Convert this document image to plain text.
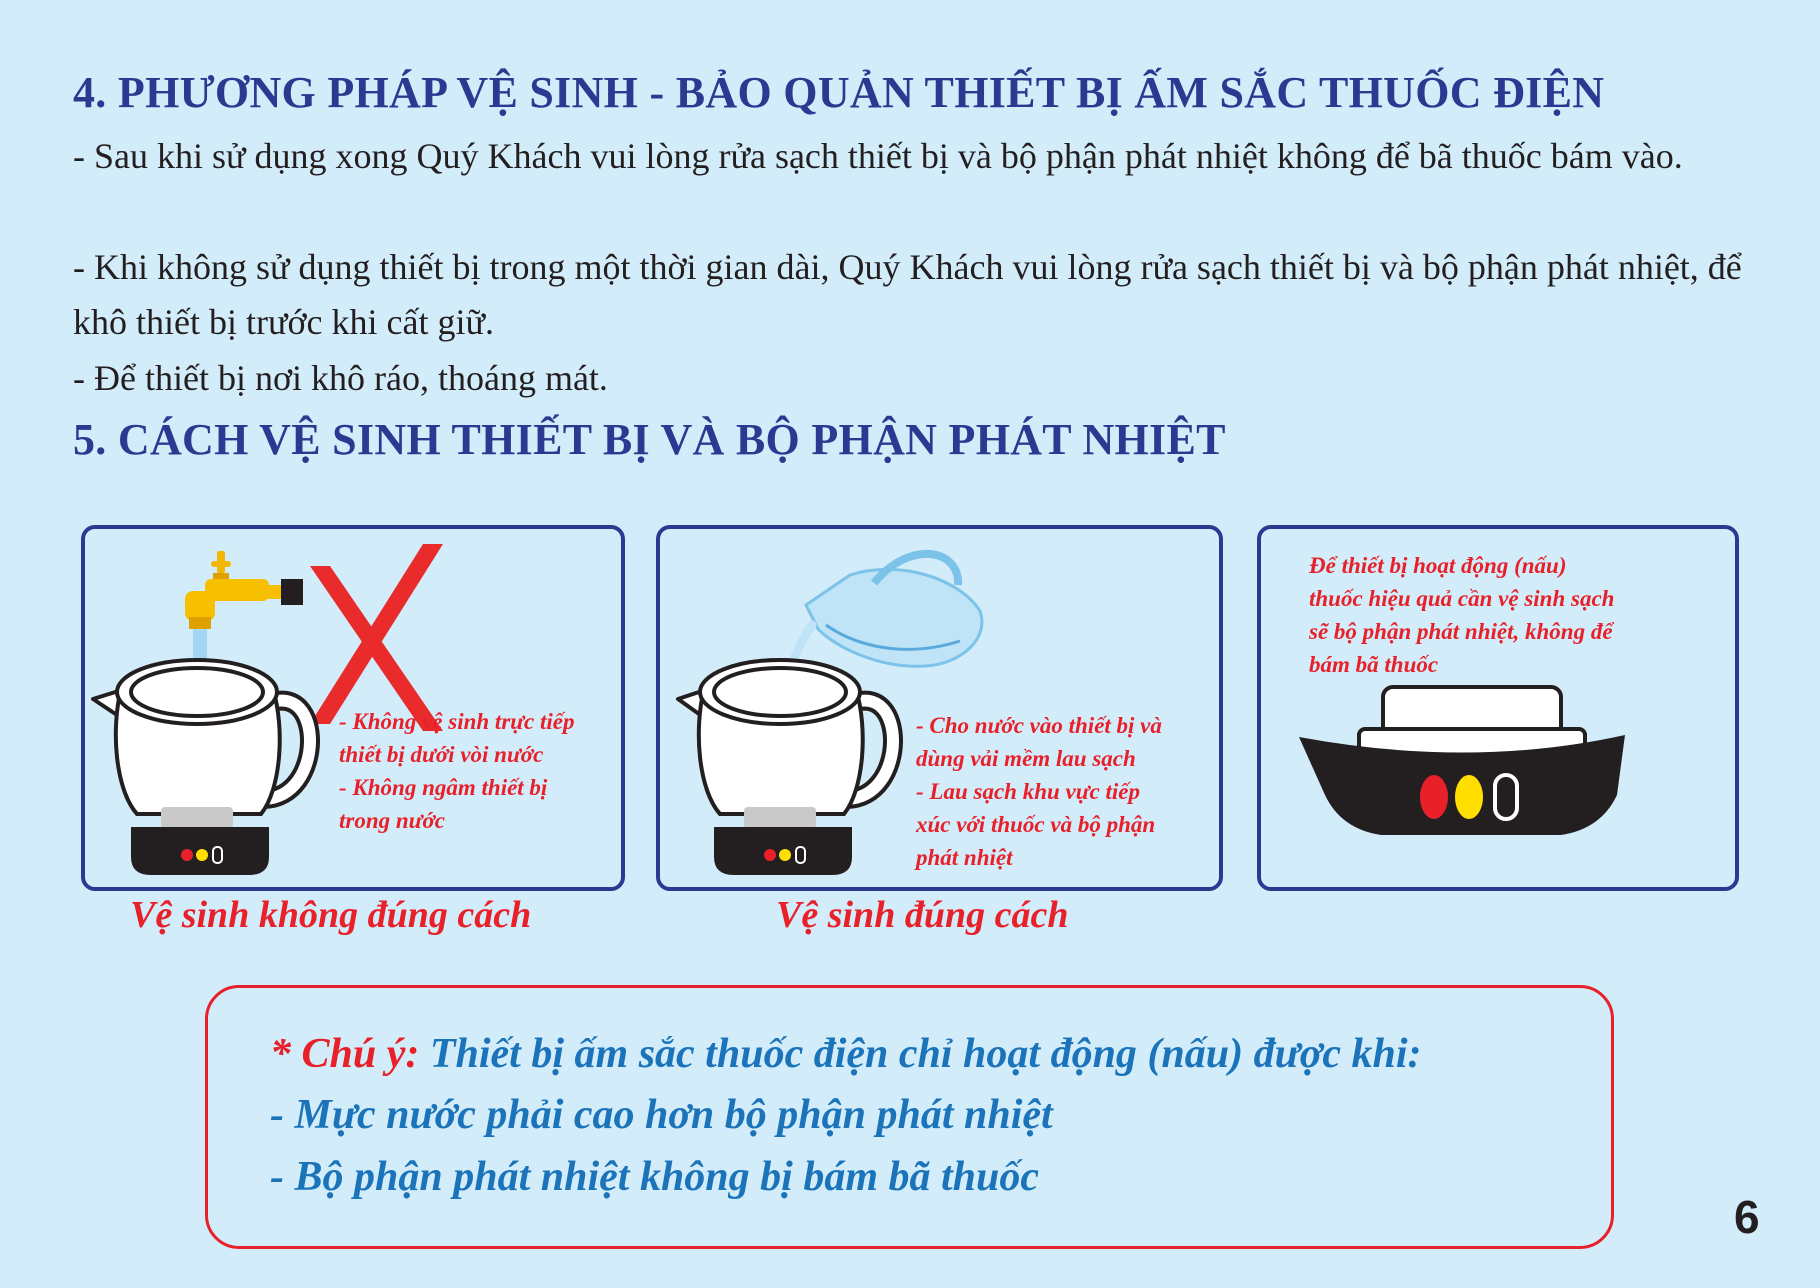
4. PHƯƠNG PHÁP VỆ SINH - BẢO QUẢN THIẾT BỊ ẤM SẮC THUỐC ĐIỆN

- Sau khi sử dụng xong Quý Khách vui lòng rửa sạch thiết bị và bộ phận phát nhiệt không để bã thuốc bám vào.

- Khi không sử dụng thiết bị trong một thời gian dài, Quý Khách vui lòng rửa sạch thiết bị và bộ phận phát nhiệt, để khô thiết bị trước khi cất giữ.

- Để thiết bị nơi khô ráo, thoáng mát.

5. CÁCH VỆ SINH THIẾT BỊ VÀ BỘ PHẬN PHÁT NHIỆT

- Không vệ sinh trực tiếp

thiết bị dưới vòi nước

- Không ngâm thiết bị

trong nước

Vệ sinh không đúng cách

- Cho nước vào thiết bị và

dùng vải mềm lau sạch

- Lau sạch khu vực tiếp

xúc với thuốc và bộ phận

phát nhiệt

Vệ sinh đúng cách

Để thiết bị hoạt động (nấu)

thuốc hiệu quả cần vệ sinh sạch

sẽ bộ phận phát nhiệt, không để

bám bã thuốc

* Chú ý: Thiết bị ấm sắc thuốc điện chỉ hoạt động (nấu) được khi:

- Mực nước phải cao hơn bộ phận phát nhiệt

- Bộ phận phát nhiệt không bị bám bã thuốc

6
